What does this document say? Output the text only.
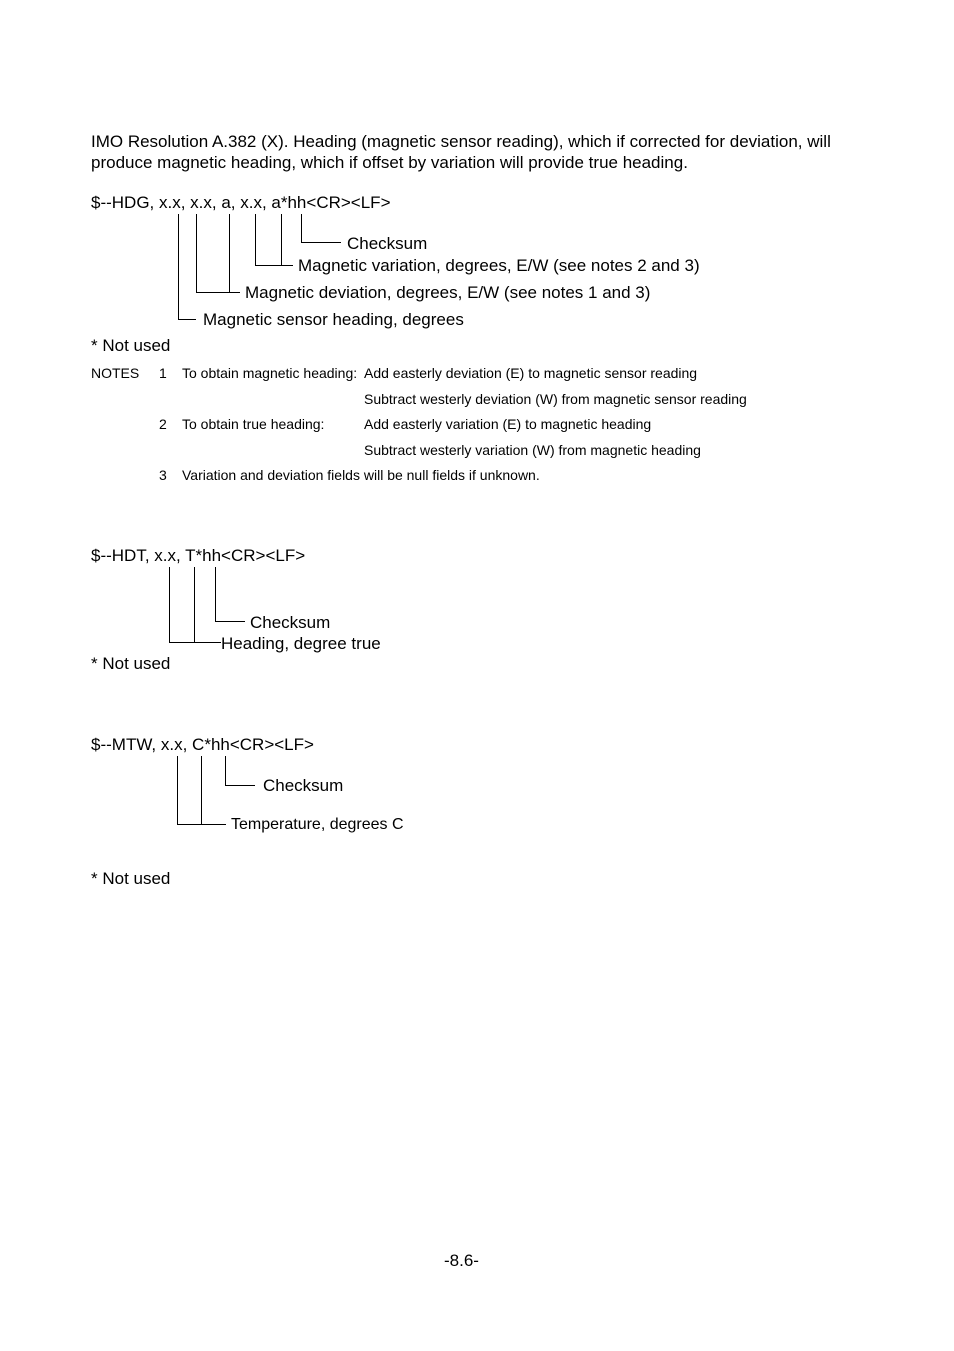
IMO Resolution A.382 (X). Heading (magnetic sensor reading), which if corrected for deviation, will
produce magnetic heading, which if offset by variation will provide true heading.
$--HDG, x.x, x.x, a, x.x, a*hh<CR><LF>
Checksum
Magnetic variation, degrees, E/W (see notes 2 and 3)
Magnetic deviation, degrees, E/W (see notes 1 and 3)
Magnetic sensor heading, degrees
* Not used
NOTES 1 To obtain magnetic heading: Add easterly deviation (E) to magnetic sensor reading
Subtract westerly deviation (W) from magnetic sensor reading
2 To obtain true heading:	Add easterly variation (E) to magnetic heading
Subtract westerly variation (W) from magnetic heading
3 Variation and deviation fields will be null fields if unknown.
$--HDT, x.x, T*hh<CR><LF>
Checksum
Heading, degree true
* Not used
$--MTW, x.x, C*hh<CR><LF>
Checksum
Temperature, degrees C
* Not used
-8.6-
